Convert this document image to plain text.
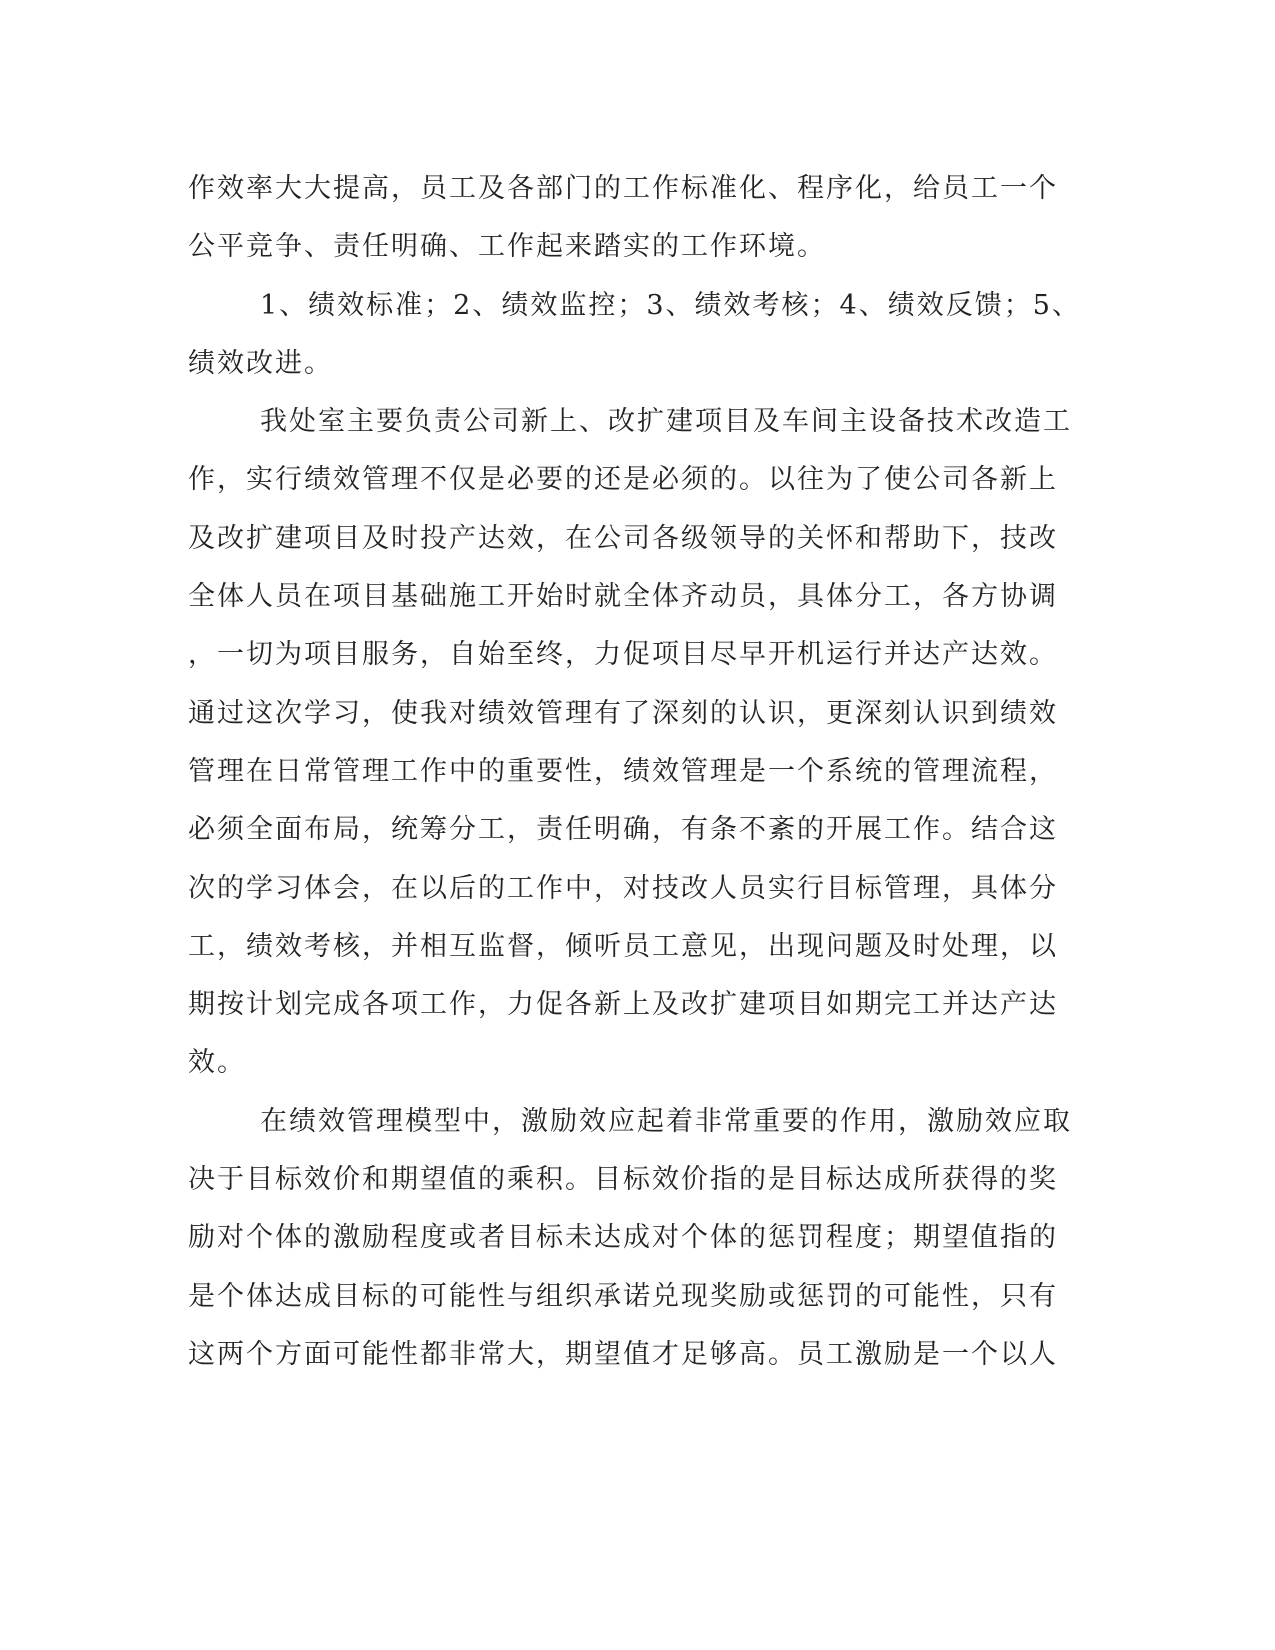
作效率大大提高，员工及各部门的工作标准化、程序化，给员工一个
公平竞争、责任明确、工作起来踏实的工作环境。

1、绩效标准；2、绩效监控；3、绩效考核；4、绩效反馈；5、
绩效改进。

我处室主要负责公司新上、改扩建项目及车间主设备技术改造工
作，实行绩效管理不仅是必要的还是必须的。以往为了使公司各新上
及改扩建项目及时投产达效，在公司各级领导的关怀和帮助下，技改
全体人员在项目基础施工开始时就全体齐动员，具体分工，各方协调
，一切为项目服务，自始至终，力促项目尽早开机运行并达产达效。
通过这次学习，使我对绩效管理有了深刻的认识，更深刻认识到绩效
管理在日常管理工作中的重要性，绩效管理是一个系统的管理流程，
必须全面布局，统筹分工，责任明确，有条不紊的开展工作。结合这
次的学习体会，在以后的工作中，对技改人员实行目标管理，具体分
工，绩效考核，并相互监督，倾听员工意见，出现问题及时处理，以
期按计划完成各项工作，力促各新上及改扩建项目如期完工并达产达
效。

在绩效管理模型中，激励效应起着非常重要的作用，激励效应取
决于目标效价和期望值的乘积。目标效价指的是目标达成所获得的奖
励对个体的激励程度或者目标未达成对个体的惩罚程度；期望值指的
是个体达成目标的可能性与组织承诺兑现奖励或惩罚的可能性，只有
这两个方面可能性都非常大，期望值才足够高。员工激励是一个以人
